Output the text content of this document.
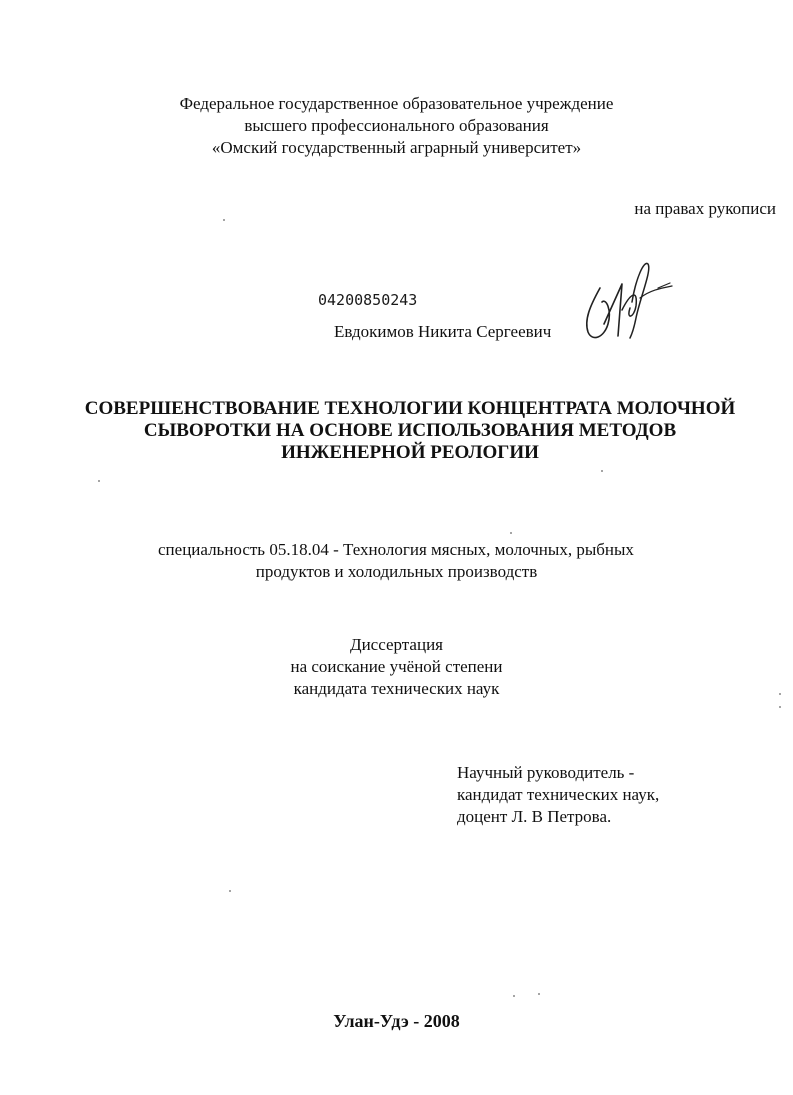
Федеральное государственное образовательное учреждение
высшего профессионального образования
«Омский государственный аграрный университет»
на правах рукописи
04200850243
Евдокимов Никита Сергеевич
СОВЕРШЕНСТВОВАНИЕ ТЕХНОЛОГИИ КОНЦЕНТРАТА МОЛОЧНОЙ
СЫВОРОТКИ НА ОСНОВЕ ИСПОЛЬЗОВАНИЯ МЕТОДОВ
ИНЖЕНЕРНОЙ РЕОЛОГИИ
специальность 05.18.04 - Технология мясных, молочных, рыбных
продуктов и холодильных производств
Диссертация
на соискание учёной степени
кандидата технических наук
Научный руководитель -
кандидат технических наук,
доцент Л. В Петрова.
Улан-Удэ - 2008
